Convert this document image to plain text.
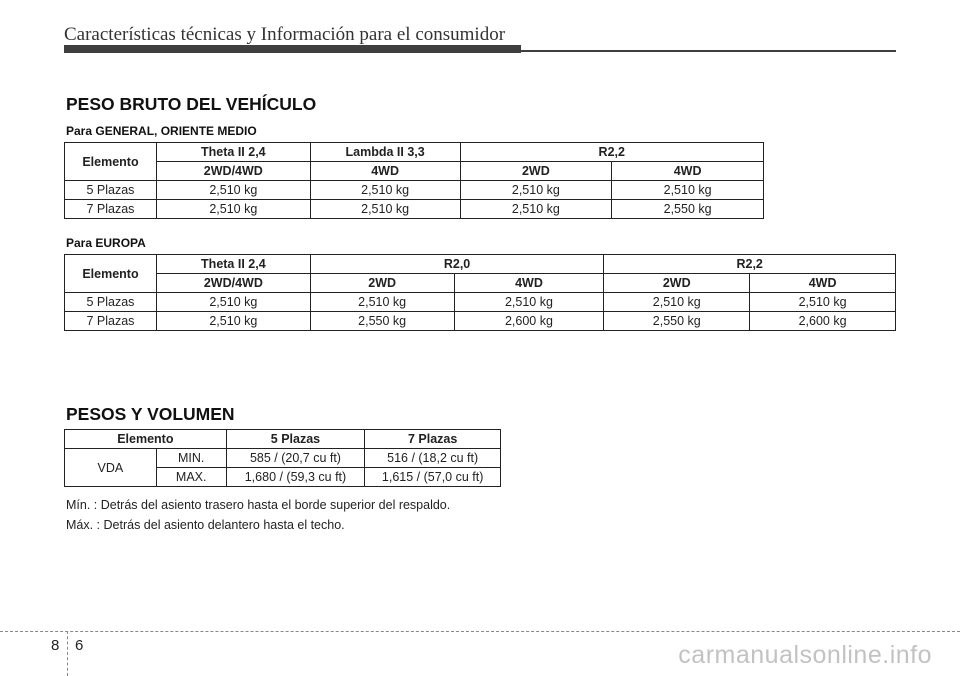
Características técnicas y Información para el consumidor
PESO BRUTO DEL VEHÍCULO
Para GENERAL, ORIENTE MEDIO
Elemento	Theta II 2,4	Lambda II 3,3	R2,2	
	2WD/4WD	4WD	2WD	4WD
5 Plazas	2,510 kg	2,510 kg	2,510 kg	2,510 kg
7 Plazas	2,510 kg	2,510 kg	2,510 kg	2,550 kg
Para EUROPA
Elemento	Theta II 2,4	R2,0		R2,2	
	2WD/4WD	2WD	4WD	2WD	4WD
5 Plazas	2,510 kg	2,510 kg	2,510 kg	2,510 kg	2,510 kg
7 Plazas	2,510 kg	2,550 kg	2,600 kg	2,550 kg	2,600 kg
PESOS Y VOLUMEN
Elemento		5 Plazas	7 Plazas
VDA	MIN.	585 / (20,7 cu ft)	516 / (18,2 cu ft)
	MAX.	1,680 / (59,3 cu ft)	1,615 / (57,0 cu ft)
Mín. : Detrás del asiento trasero hasta el borde superior del respaldo.
Máx. : Detrás del asiento delantero hasta el techo.
8 6	carmanualsonline.info
